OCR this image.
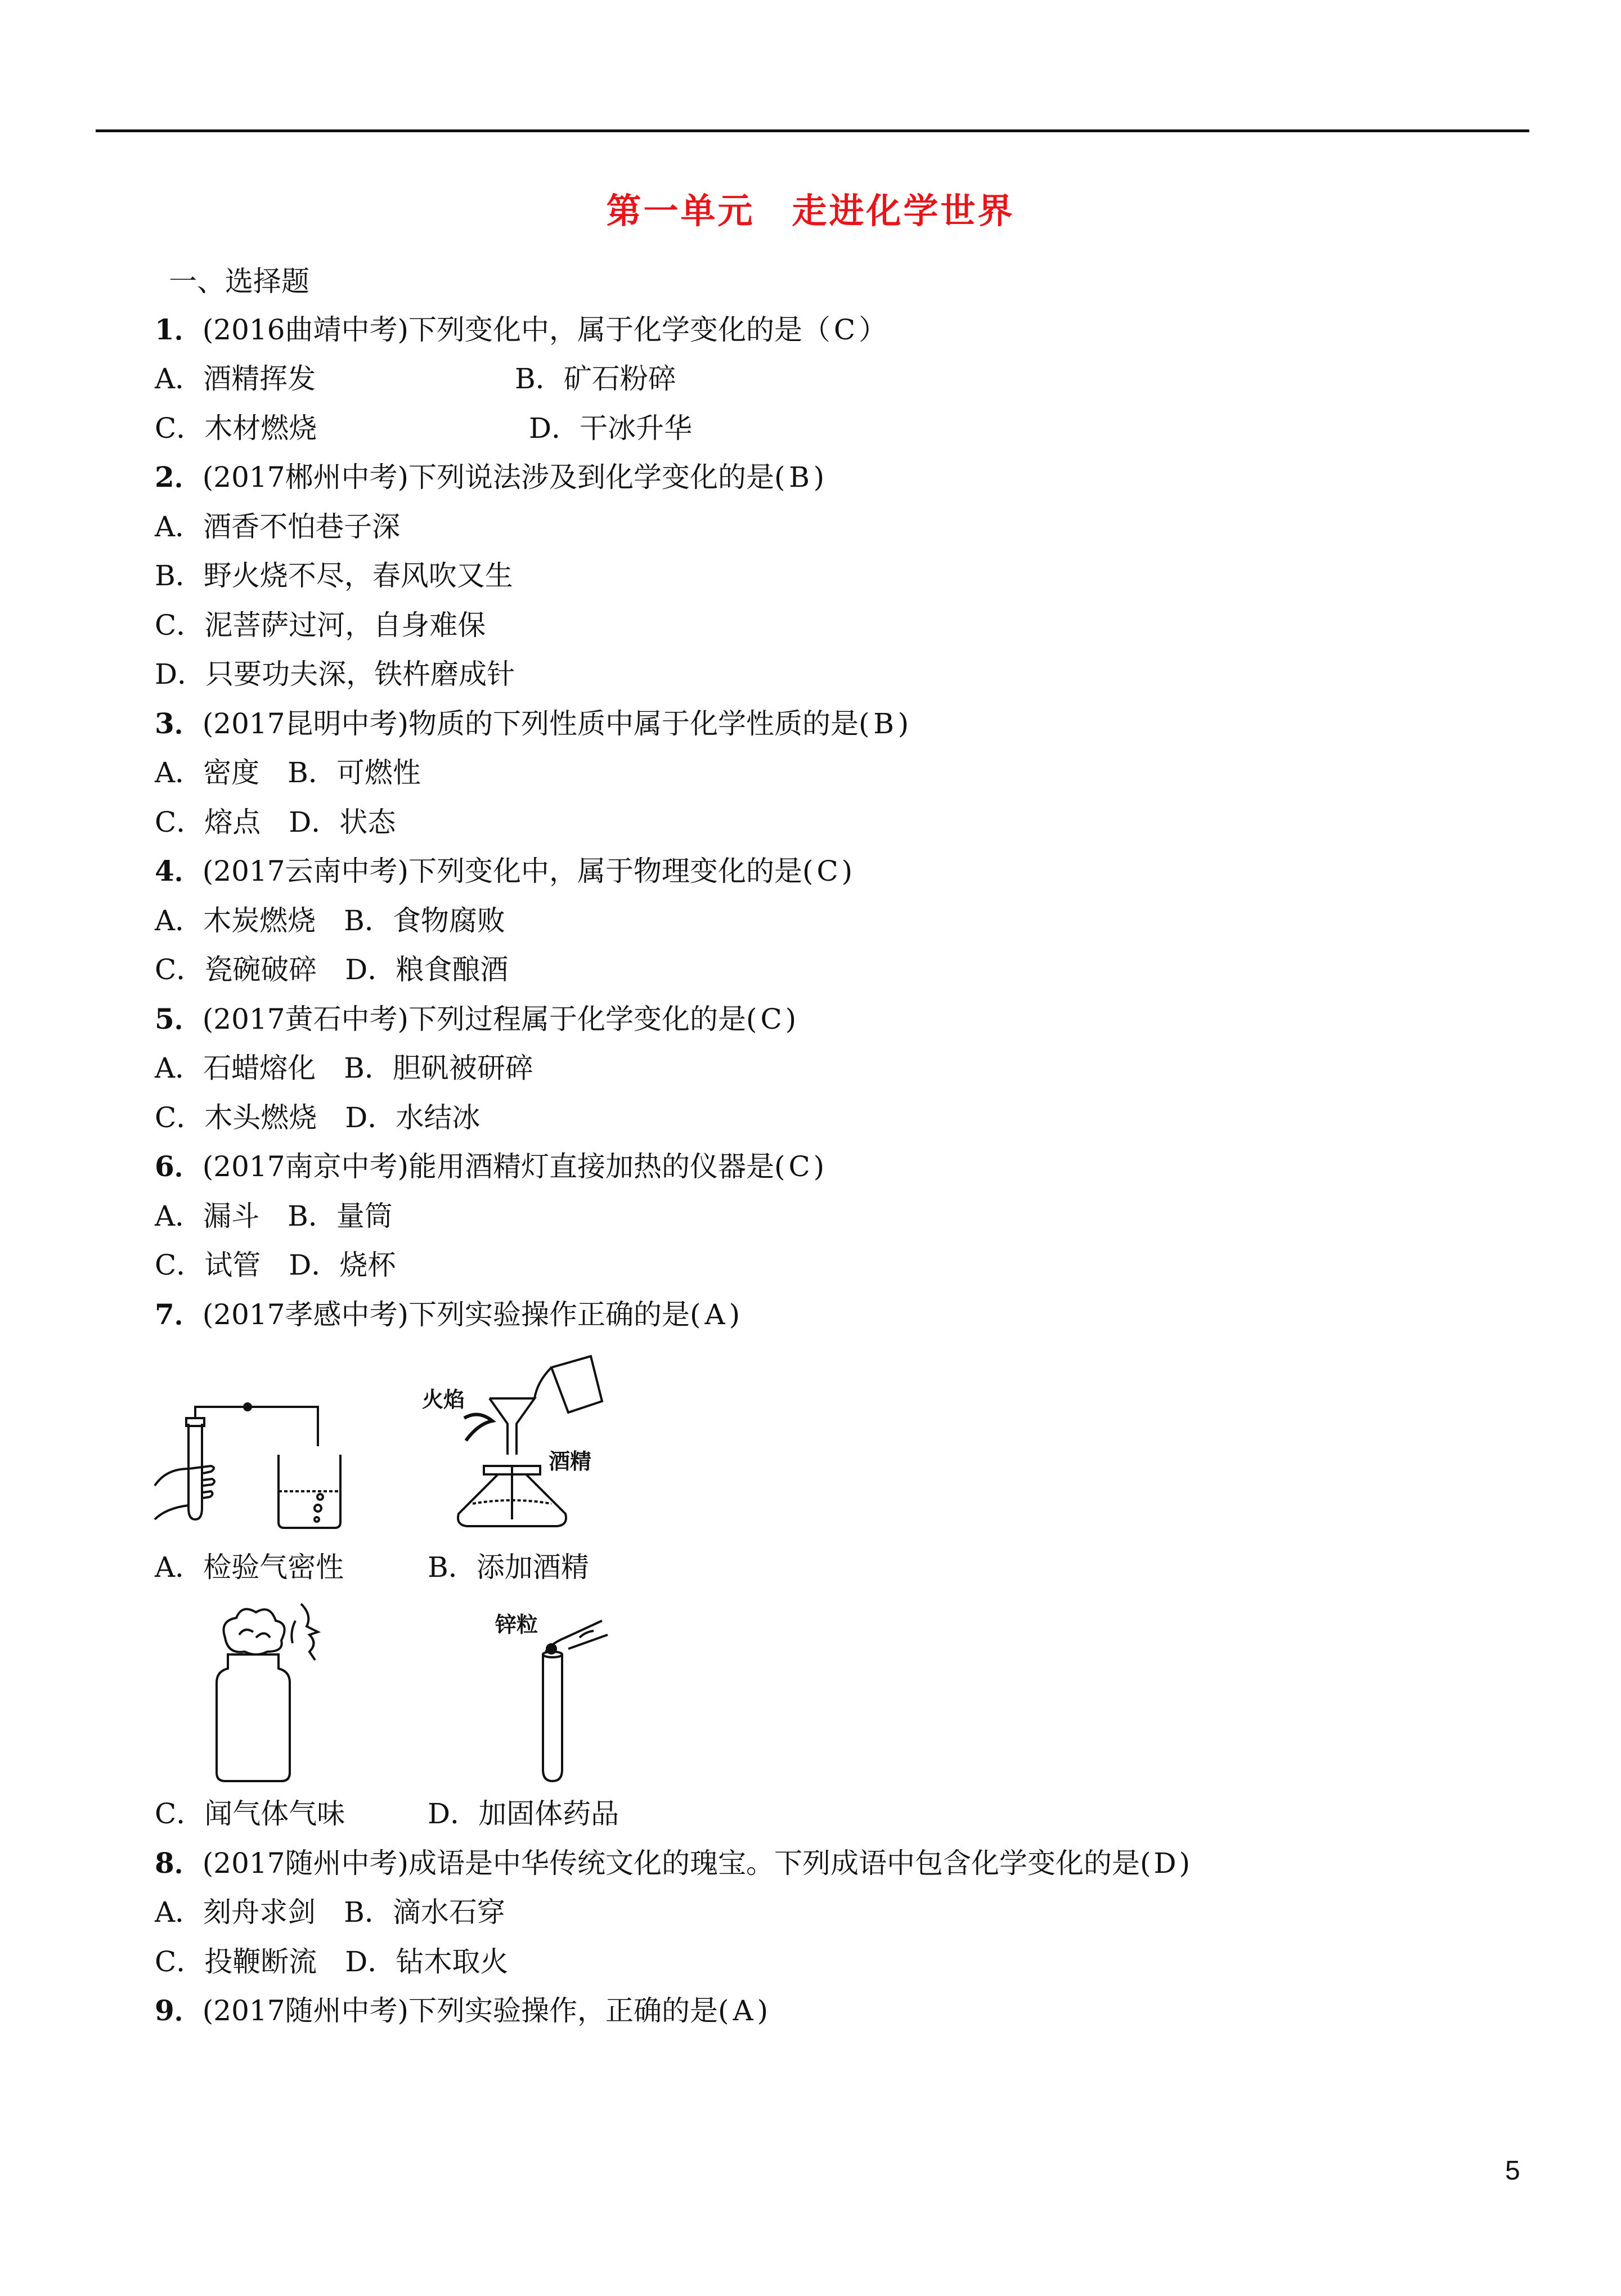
第一单元　走进化学世界
一、选择题
1．(2016曲靖中考)下列变化中，属于化学变化的是（ C ）
A．酒精挥发	B．矿石粉碎
C．木材燃烧	D．干冰升华
2．(2017郴州中考)下列说法涉及到化学变化的是( B )
A．酒香不怕巷子深
B．野火烧不尽，春风吹又生
C．泥菩萨过河，自身难保
D．只要功夫深，铁杵磨成针
3．(2017昆明中考)物质的下列性质中属于化学性质的是( B )
A．密度　B．可燃性
C．熔点　D．状态
4．(2017云南中考)下列变化中，属于物理变化的是( C )
A．木炭燃烧　B．食物腐败
C．瓷碗破碎　D．粮食酿酒
5．(2017黄石中考)下列过程属于化学变化的是( C )
A．石蜡熔化　B．胆矾被研碎
C．木头燃烧　D．水结冰
6．(2017南京中考)能用酒精灯直接加热的仪器是( C )
A．漏斗　B．量筒
C．试管　D．烧杯
7．(2017孝感中考)下列实验操作正确的是( A )
A．检验气密性
火焰
酒精
B．添加酒精
C．闻气体气味
锌粒
D．加固体药品
8．(2017随州中考)成语是中华传统文化的瑰宝。下列成语中包含化学变化的是(D)
A．刻舟求剑　B．滴水石穿
C．投鞭断流　D．钻木取火
9．(2017随州中考)下列实验操作，正确的是( A )
5
